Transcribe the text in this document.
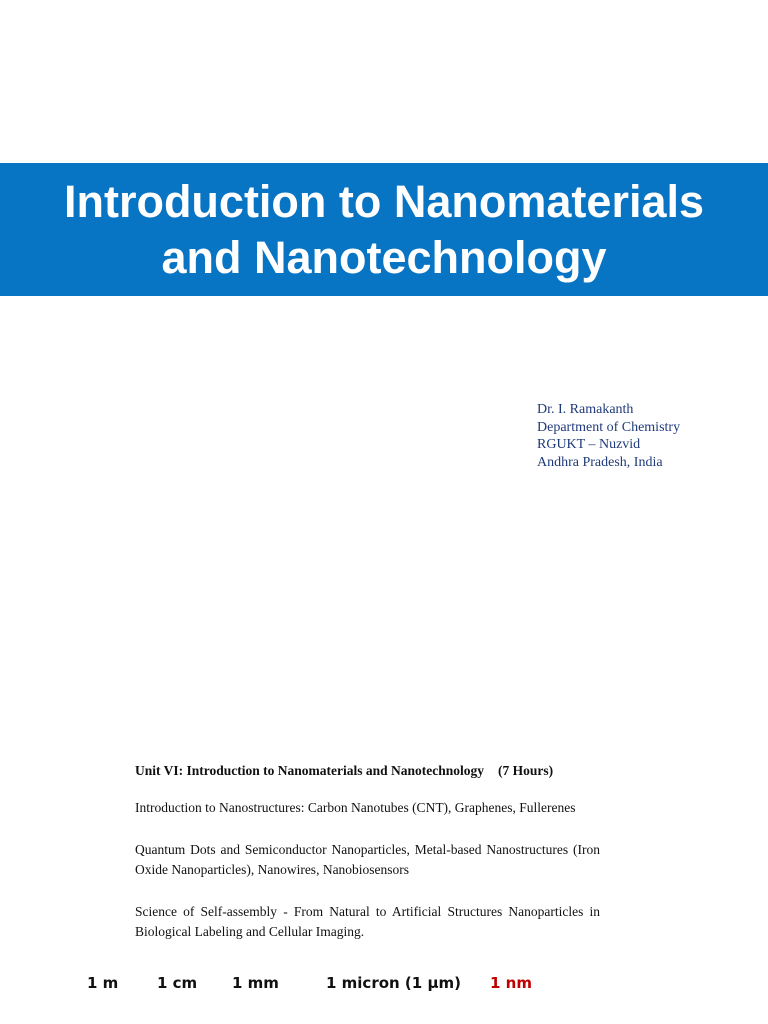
Introduction to Nanomaterials
and Nanotechnology
Dr. I. Ramakanth
Department of Chemistry
RGUKT – Nuzvid
Andhra Pradesh, India
Unit VI: Introduction to Nanomaterials and Nanotechnology (7 Hours)

Introduction to Nanostructures: Carbon Nanotubes (CNT), Graphenes, Fullerenes

Quantum Dots and Semiconductor Nanoparticles, Metal-based Nanostructures (Iron Oxide Nanoparticles), Nanowires, Nanobiosensors

Science of Self-assembly - From Natural to Artificial Structures Nanoparticles in Biological Labeling and Cellular Imaging.

1 m	1 cm 1 mm	1 micron (1 µm) 1 nm
